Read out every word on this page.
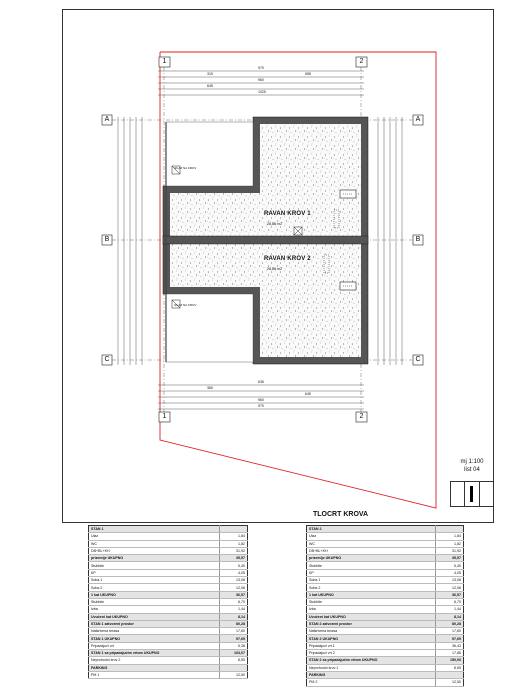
1	2
1	2
A
B
C
A
B
C
970
315	655
960
645
1025
635
360
645
960
970
RAVAN KROV 1
28,86 m2
RAVAN KROV 2
28,86 m2
IZLAZ NA KROV
IZLAZ NA KROV
mj 1:100
list 04
TLOCRT KROVA
STAN 1	
Ulaz	1,84
WC	1,82
DB+BL+KH	31,92
prizemlje UKUPNO	35,57
Stubište	5,40
KP	4,05
Soba 1	13,08
Soba 2	12,06
1 kat UKUPNO	36,57
Stubište	6,70
Izba	1,44
Uvučeni kat UKUPNO	8,14
STAN 1 zatvoreni prostor	80,28
Natkrivena terasa	17,60
STAN 1 UKUPNO	97,69
Pripadajući vrt	5,38
STAN 1 sa pripadajućim vrtom UKUPNO	103,07
Neprohodni krov 2	8,55
PARKING	
PM 1	12,50
STAN 2	
Ulaz	1,84
WC	1,82
DB+BL+KH	31,92
prizemlje UKUPNO	35,57
Stubište	5,40
KP	4,05
Soba 1	13,08
Soba 2	12,06
1 kat UKUPNO	36,57
Stubište	6,70
Izba	1,44
Uvučeni kat UKUPNO	8,14
STAN 2 zatvoreni prostor	80,28
Natkrivena terasa	17,60
STAN 2 UKUPNO	97,69
Pripadajući vrt 1	36,43
Pripadajući vrt 2	17,86
STAN 2 sa pripadajućim vrtom UKUPNO	150,00
Neprohodni krov 1	8,55
PARKING	
PM 2	12,50
